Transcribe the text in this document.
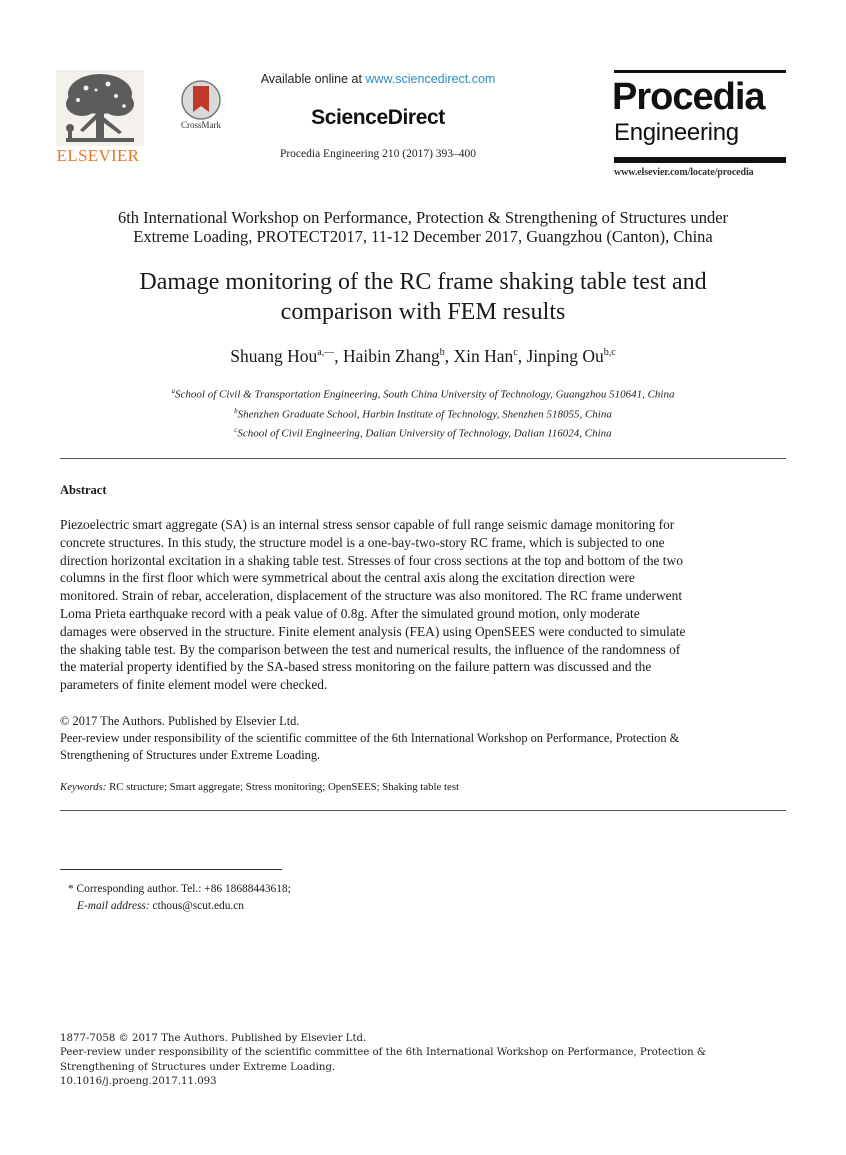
ELSEVIER
CrossMark
Available online at www.sciencedirect.com
ScienceDirect
Procedia Engineering 210 (2017) 393–400
Procedia
Engineering
www.elsevier.com/locate/procedia
6th International Workshop on Performance, Protection & Strengthening of Structures under
Extreme Loading, PROTECT2017, 11-12 December 2017, Guangzhou (Canton), China
Damage monitoring of the RC frame shaking table test and
comparison with FEM results
Shuang Hou$^{a,—}$, Haibin Zhang$^b$, Xin Han$^c$, Jinping Ou$^{b,c}$
$^a$School of Civil & Transportation Engineering, South China University of Technology, Guangzhou 510641, China
$^b$Shenzhen Graduate School, Harbin Institute of Technology, Shenzhen 518055, China
$^c$School of Civil Engineering, Dalian University of Technology, Dalian 116024, China
Abstract
Piezoelectric smart aggregate (SA) is an internal stress sensor capable of full range seismic damage monitoring for
concrete structures. In this study, the structure model is a one-bay-two-story RC frame, which is subjected to one
direction horizontal excitation in a shaking table test. Stresses of four cross sections at the top and bottom of the two
columns in the first floor which were symmetrical about the central axis along the excitation direction were
monitored. Strain of rebar, acceleration, displacement of the structure was also monitored. The RC frame underwent
Loma Prieta earthquake record with a peak value of 0.8g. After the simulated ground motion, only moderate
damages were observed in the structure. Finite element analysis (FEA) using OpenSEES were conducted to simulate
the shaking table test. By the comparison between the test and numerical results, the influence of the randomness of
the material property identified by the SA-based stress monitoring on the failure pattern was discussed and the
parameters of finite element model were checked.
© 2017 The Authors. Published by Elsevier Ltd.
Peer-review under responsibility of the scientific committee of the 6th International Workshop on Performance, Protection &
Strengthening of Structures under Extreme Loading.
Keywords: RC structure; Smart aggregate; Stress monitoring; OpenSEES; Shaking table test
* Corresponding author. Tel.: +86 18688443618;
E-mail address: cthous@scut.edu.cn
1877-7058 © 2017 The Authors. Published by Elsevier Ltd.
Peer-review under responsibility of the scientific committee of the 6th International Workshop on Performance, Protection &
Strengthening of Structures under Extreme Loading.
10.1016/j.proeng.2017.11.093
